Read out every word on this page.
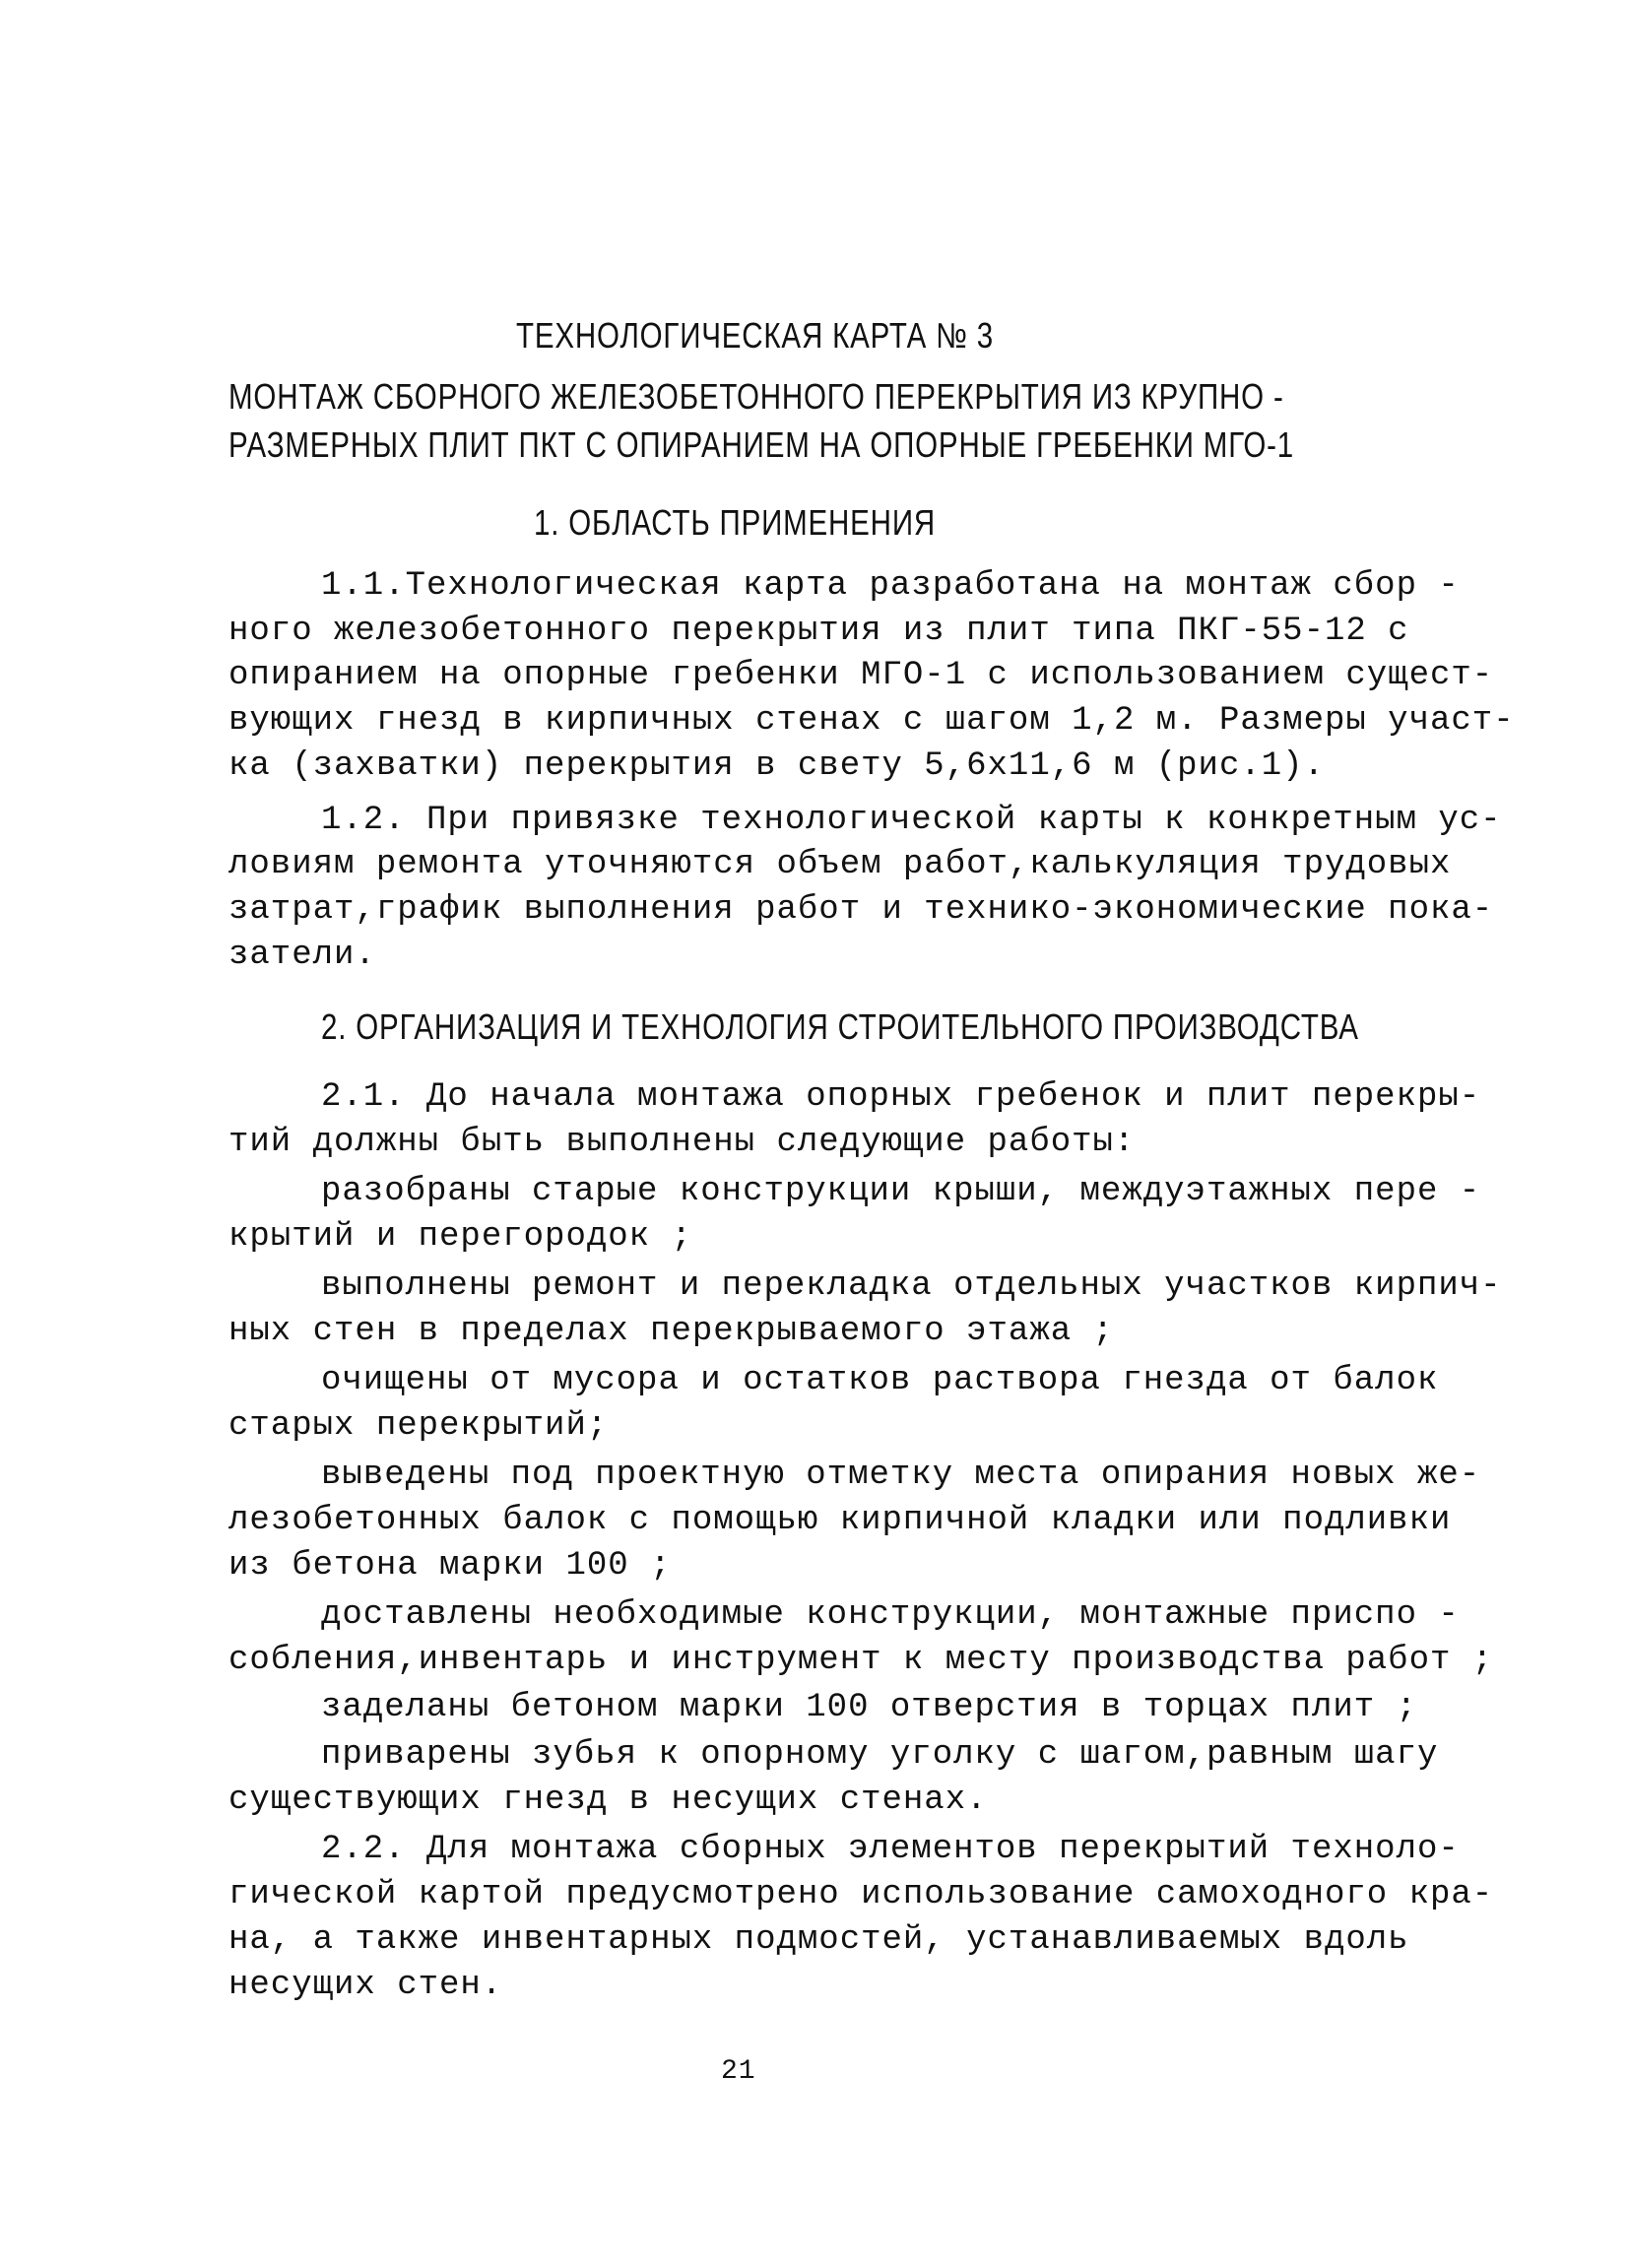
ТЕХНОЛОГИЧЕСКАЯ КАРТА № 3
МОНТАЖ СБОРНОГО ЖЕЛЕЗОБЕТОННОГО ПЕРЕКРЫТИЯ ИЗ КРУПНО -
РАЗМЕРНЫХ ПЛИТ ПКТ С ОПИРАНИЕМ НА ОПОРНЫЕ ГРЕБЕНКИ МГО-1
1. ОБЛАСТЬ ПРИМЕНЕНИЯ
1.1.Технологическая карта разработана на монтаж сбор -
ного железобетонного перекрытия из плит типа ПКГ-55-12 с
опиранием на опорные гребенки МГО-1 с использованием сущест-
вующих гнезд в кирпичных стенах с шагом 1,2 м. Размеры участ-
ка (захватки) перекрытия в свету 5,6х11,6 м (рис.1).
1.2. При привязке технологической карты к конкретным ус-
ловиям ремонта уточняются объем работ,калькуляция трудовых
затрат,график выполнения работ и технико-экономические пока-
затели.
2. ОРГАНИЗАЦИЯ И ТЕХНОЛОГИЯ СТРОИТЕЛЬНОГО ПРОИЗВОДСТВА
2.1. До начала монтажа опорных гребенок и плит перекры-
тий должны быть выполнены следующие работы:
разобраны старые конструкции крыши, междуэтажных пере -
крытий и перегородок ;
выполнены ремонт и перекладка отдельных участков кирпич-
ных стен в пределах перекрываемого этажа ;
очищены от мусора и остатков раствора гнезда от балок
старых перекрытий;
выведены под проектную отметку места опирания новых же-
лезобетонных балок с помощью кирпичной кладки или подливки
из бетона марки 100 ;
доставлены необходимые конструкции, монтажные приспо -
собления,инвентарь и инструмент к месту производства работ ;
заделаны бетоном марки 100 отверстия в торцах плит ;
приварены зубья к опорному уголку с шагом,равным шагу
существующих гнезд в несущих стенах.
2.2. Для монтажа сборных элементов перекрытий техноло-
гической картой предусмотрено использование самоходного кра-
на, а также инвентарных подмостей, устанавливаемых вдоль
несущих стен.
21
